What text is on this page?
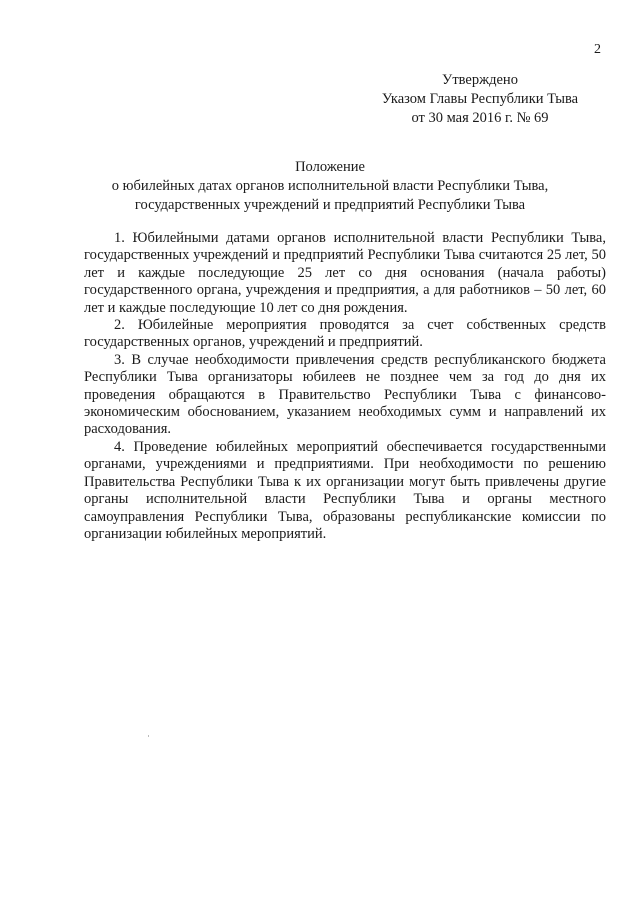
2
Утверждено
Указом Главы Республики Тыва
от 30 мая 2016 г. № 69
Положение
о юбилейных датах органов исполнительной власти Республики Тыва,
государственных учреждений и предприятий Республики Тыва

1. Юбилейными датами органов исполнительной власти Республики Тыва, государственных учреждений и предприятий Республики Тыва считаются 25 лет, 50 лет и каждые последующие 25 лет со дня основания (начала работы) государственного органа, учреждения и предприятия, а для работников – 50 лет, 60 лет и каждые последующие 10 лет со дня рождения.

2. Юбилейные мероприятия проводятся за счет собственных средств государственных органов, учреждений и предприятий.

3. В случае необходимости привлечения средств республиканского бюджета Республики Тыва организаторы юбилеев не позднее чем за год до дня их проведения обращаются в Правительство Республики Тыва с финансово-экономическим обоснованием, указанием необходимых сумм и направлений их расходования.

4. Проведение юбилейных мероприятий обеспечивается государственными органами, учреждениями и предприятиями. При необходимости по решению Правительства Республики Тыва к их организации могут быть привлечены другие органы исполнительной власти Республики Тыва и органы местного самоуправления Республики Тыва, образованы республиканские комиссии по организации юбилейных мероприятий.
